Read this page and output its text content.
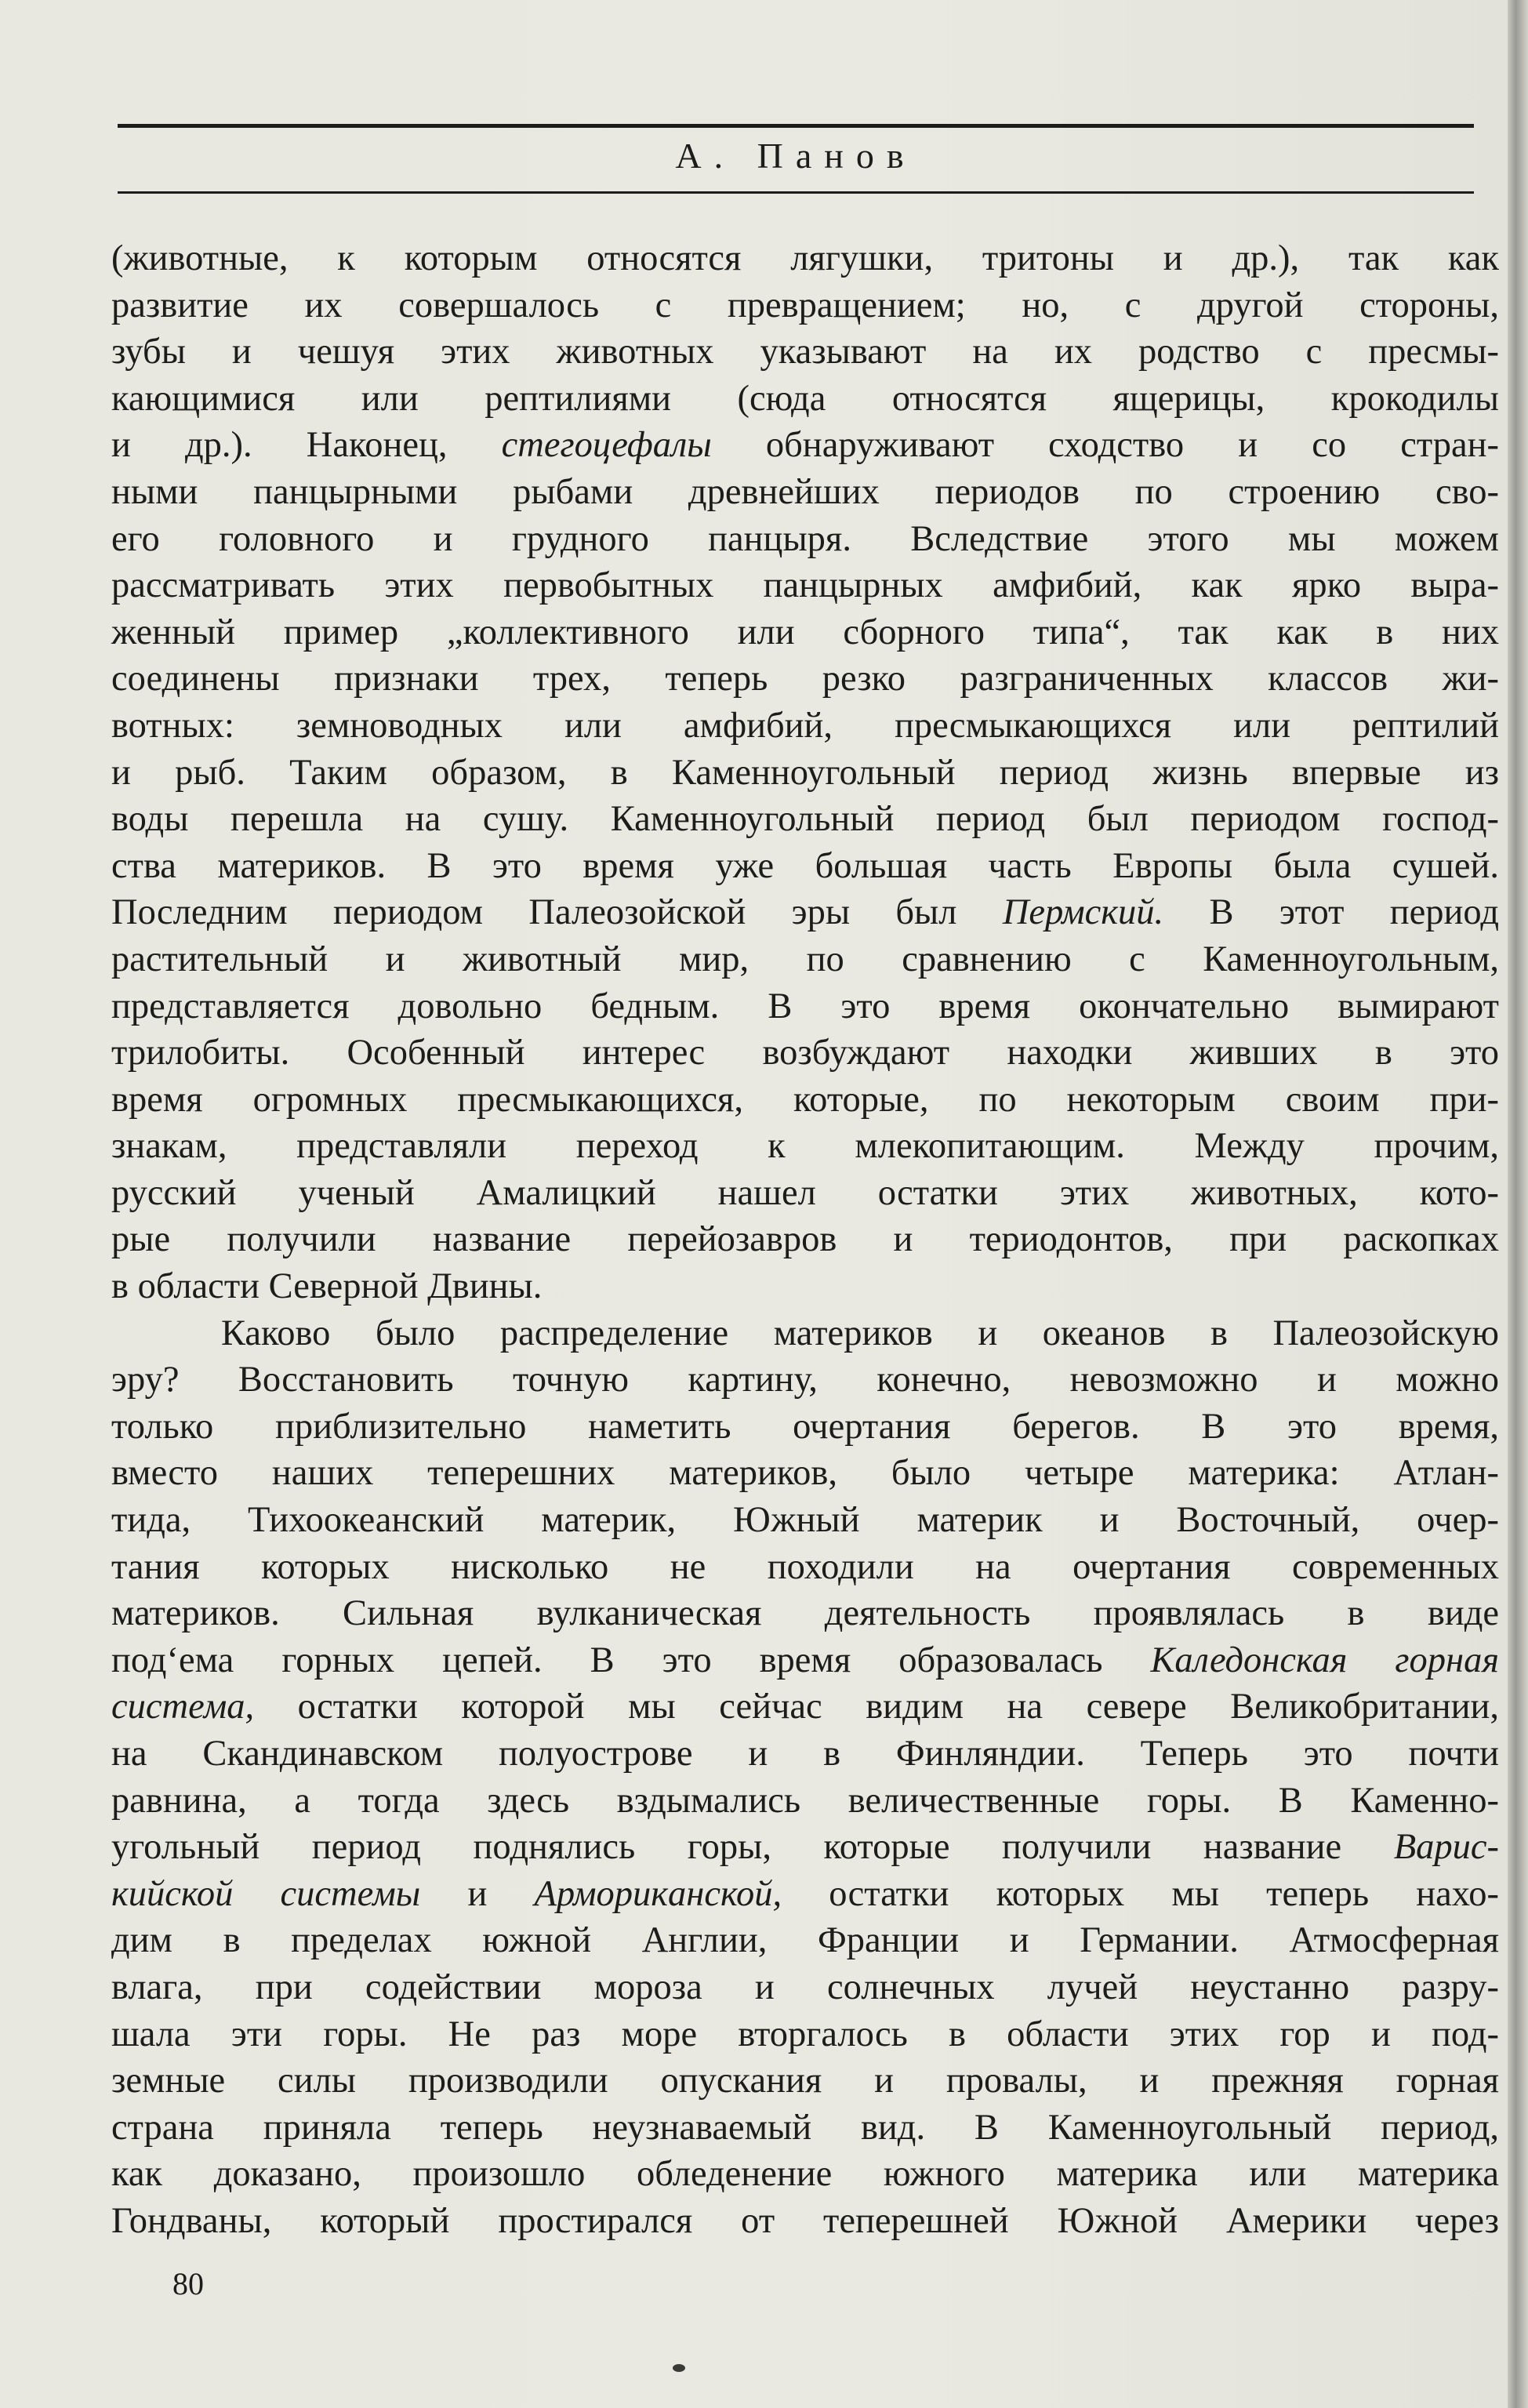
А. Панов
(животные, к которым относятся лягушки, тритоны и др.), так как
развитие их совершалось с превращением; но, с другой стороны,
зубы и чешуя этих животных указывают на их родство с пресмы-
кающимися или рептилиями (сюда относятся ящерицы, крокодилы
и др.). Наконец, стегоцефалы обнаруживают сходство и со стран-
ными панцырными рыбами древнейших периодов по строению сво-
его головного и грудного панцыря. Вследствие этого мы можем
рассматривать этих первобытных панцырных амфибий, как ярко выра-
женный пример „коллективного или сборного типа“, так как в них
соединены признаки трех, теперь резко разграниченных классов жи-
вотных: земноводных или амфибий, пресмыкающихся или рептилий
и рыб. Таким образом, в Каменноугольный период жизнь впервые из
воды перешла на сушу. Каменноугольный период был периодом господ-
ства материков. В это время уже большая часть Европы была сушей.
Последним периодом Палеозойской эры был Пермский. В этот период
растительный и животный мир, по сравнению с Каменноугольным,
представляется довольно бедным. В это время окончательно вымирают
трилобиты. Особенный интерес возбуждают находки живших в это
время огромных пресмыкающихся, которые, по некоторым своим при-
знакам, представляли переход к млекопитающим. Между прочим,
русский ученый Амалицкий нашел остатки этих животных, кото-
рые получили название перейозавров и териодонтов, при раскопках
в области Северной Двины.
Каково было распределение материков и океанов в Палеозойскую
эру? Восстановить точную картину, конечно, невозможно и можно
только приблизительно наметить очертания берегов. В это время,
вместо наших теперешних материков, было четыре материка: Атлан-
тида, Тихоокеанский материк, Южный материк и Восточный, очер-
тания которых нисколько не походили на очертания современных
материков. Сильная вулканическая деятельность проявлялась в виде
под‘ема горных цепей. В это время образовалась Каледонская горная
система, остатки которой мы сейчас видим на севере Великобритании,
на Скандинавском полуострове и в Финляндии. Теперь это почти
равнина, а тогда здесь вздымались величественные горы. В Каменно-
угольный период поднялись горы, которые получили название Варис-
кийской системы и Арморикaнской, остатки которых мы теперь нахо-
дим в пределах южной Англии, Франции и Германии. Атмосферная
влага, при содействии мороза и солнечных лучей неустанно разру-
шала эти горы. Не раз море вторгалось в области этих гор и под-
земные силы производили опускания и провалы, и прежняя горная
страна приняла теперь неузнаваемый вид. В Каменноугольный период,
как доказано, произошло обледенение южного материка или материка
Гондваны, который простирался от теперешней Южной Америки через
80
